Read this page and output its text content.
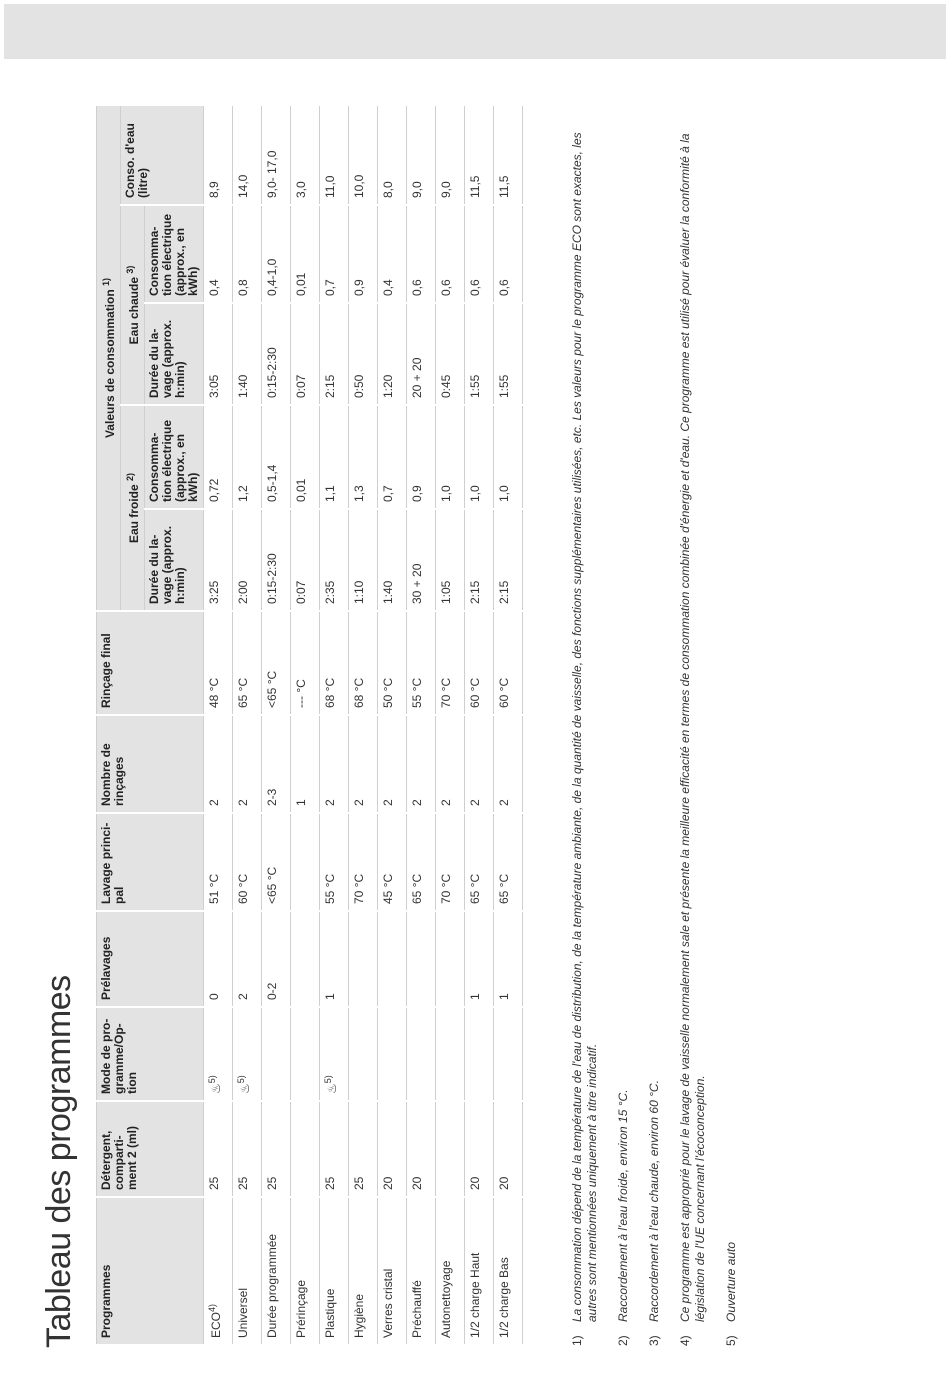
Tableau des programmes Programmes	Détergent, comparti-ment 2 (ml)	Mode de pro-gramme/Op-tion	Prélavages	Lavage princi-pal	Nombre de rinçages	Rinçage final	Valeurs de consommation $^{1)}$
							Eau froide $^{2)}$		Eau chaude $^{3)}$		Conso. d'eau (litre)
							Durée du la-vage (approx. h:min)	Consomma-tion électrique (approx., en kWh)	Durée du la-vage (approx. h:min)	Consomma-tion électrique (approx., en kWh)	
ECO$^{4)}$	25	♨$^{5)}$	0	51 °C	2	48 °C	3:25	0,72	3:05	0,4	8,9
Universel	25	♨$^{5)}$	2	60 °C	2	65 °C	2:00	1,2	1:40	0,8	14,0
Durée programmée	25		0-2	<65 °C	2-3	<65 °C	0:15-2:30	0,5-1,4	0:15-2:30	0,4-1,0	9,0- 17,0
Prérinçage					1	--- °C	0:07	0,01	0:07	0,01	3,0
Plastique	25	♨$^{5)}$	1	55 °C	2	68 °C	2:35	1,1	2:15	0,7	11,0
Hygiène	25			70 °C	2	68 °C	1:10	1,3	0:50	0,9	10,0
Verres cristal	20			45 °C	2	50 °C	1:40	0,7	1:20	0,4	8,0
Préchauffé	20			65 °C	2	55 °C	30 + 20	0,9	20 + 20	0,6	9,0
Autonettoyage				70 °C	2	70 °C	1:05	1,0	0:45	0,6	9,0
1/2 charge Haut	20		1	65 °C	2	60 °C	2:15	1,0	1:55	0,6	11,5
1/2 charge Bas	20		1	65 °C	2	60 °C	2:15	1,0	1:55	0,6	11,5
1)
La consommation dépend de la température de l'eau de distribution, de la température ambiante, de la quantité de vaisselle, des fonctions supplémentaires utilisées, etc. Les valeurs pour le programme ECO sont exactes, les autres sont mentionnées uniquement à titre indicatif.
2)
Raccordement à l'eau froide, environ 15 °C.
3)
Raccordement à l'eau chaude, environ 60 °C.
4)
Ce programme est approprié pour le lavage de vaisselle normalement sale et présente la meilleure efficacité en termes de consommation combinée d'énergie et d'eau. Ce programme est utilisé pour évaluer la conformité à la législation de l'UE concernant l'écoconception.
5)
Ouverture auto
